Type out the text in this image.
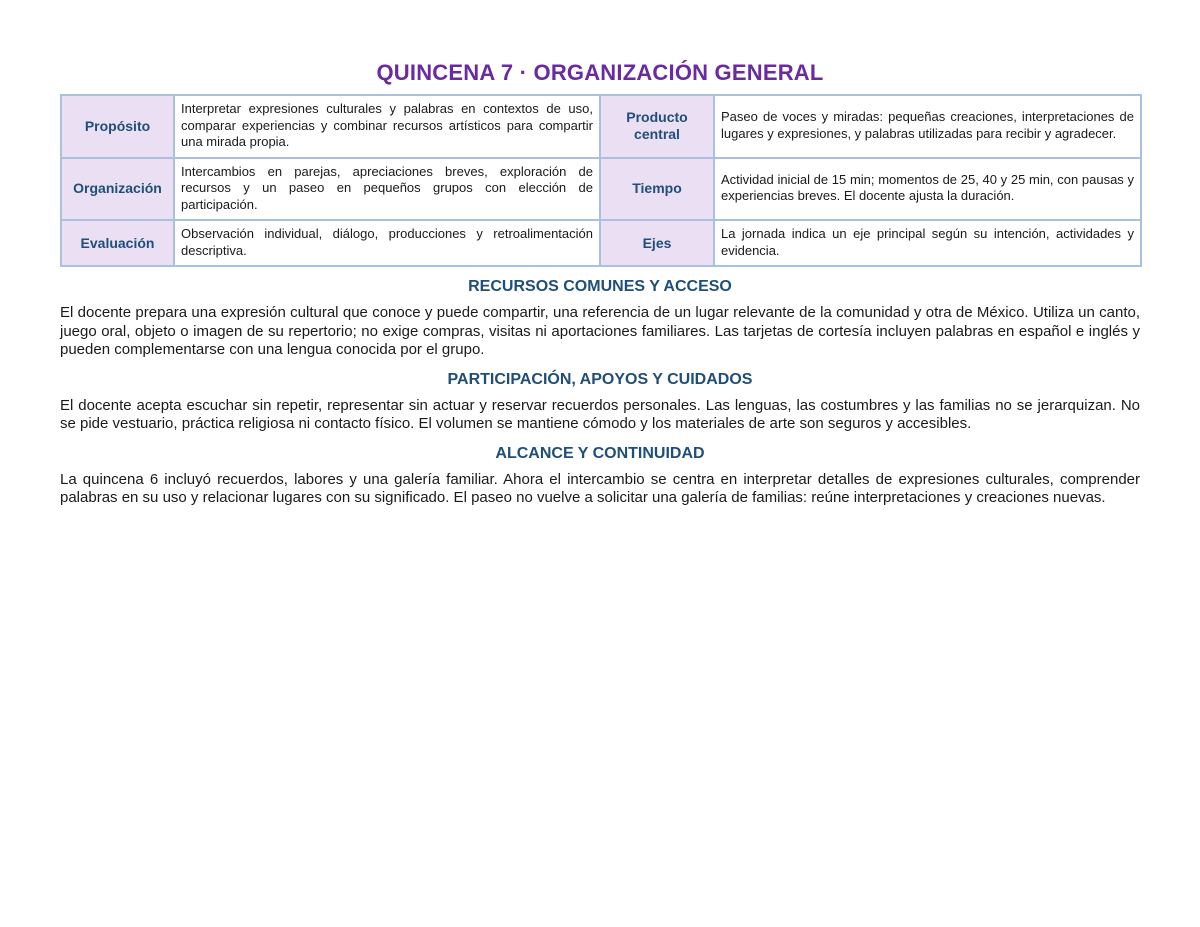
QUINCENA 7 · ORGANIZACIÓN GENERAL
Propósito	Interpretar expresiones culturales y palabras en contextos de uso, comparar experiencias y combinar recursos artísticos para compartir una mirada propia.	Producto central	Paseo de voces y miradas: pequeñas creaciones, interpretaciones de lugares y expresiones, y palabras utilizadas para recibir y agradecer.
Organización	Intercambios en parejas, apreciaciones breves, exploración de recursos y un paseo en pequeños grupos con elección de participación.	Tiempo	Actividad inicial de 15 min; momentos de 25, 40 y 25 min, con pausas y experiencias breves. El docente ajusta la duración.
Evaluación	Observación individual, diálogo, producciones y retroalimentación descriptiva.	Ejes	La jornada indica un eje principal según su intención, actividades y evidencia.
RECURSOS COMUNES Y ACCESO

El docente prepara una expresión cultural que conoce y puede compartir, una referencia de un lugar relevante de la comunidad y otra de México. Utiliza un canto, juego oral, objeto o imagen de su repertorio; no exige compras, visitas ni aportaciones familiares. Las tarjetas de cortesía incluyen palabras en español e inglés y pueden complementarse con una lengua conocida por el grupo.

PARTICIPACIÓN, APOYOS Y CUIDADOS

El docente acepta escuchar sin repetir, representar sin actuar y reservar recuerdos personales. Las lenguas, las costumbres y las familias no se jerarquizan. No se pide vestuario, práctica religiosa ni contacto físico. El volumen se mantiene cómodo y los materiales de arte son seguros y accesibles.

ALCANCE Y CONTINUIDAD

La quincena 6 incluyó recuerdos, labores y una galería familiar. Ahora el intercambio se centra en interpretar detalles de expresiones culturales, comprender palabras en su uso y relacionar lugares con su significado. El paseo no vuelve a solicitar una galería de familias: reúne interpretaciones y creaciones nuevas.
